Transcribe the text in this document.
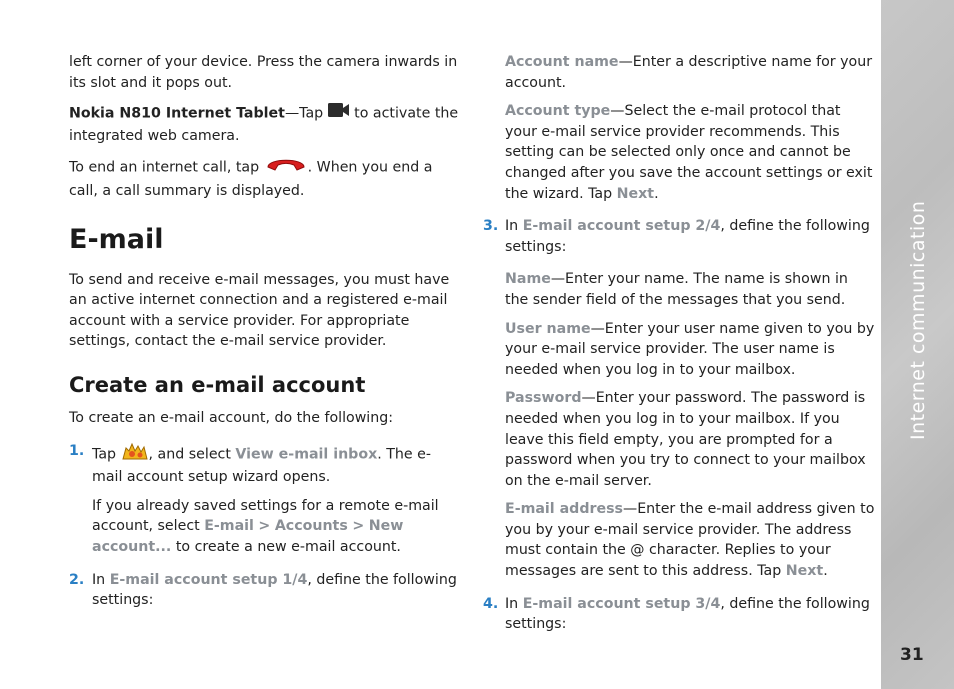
left corner of your device. Press the camera inwards in its slot and it pops out.

Nokia N810 Internet Tablet—Tap to activate the integrated web camera.

To end an internet call, tap	. When you end a call, a call summary is displayed.

E-mail

To send and receive e-mail messages, you must have an active internet connection and a registered e-mail account with a service provider. For appropriate settings, contact the e-mail service provider.

Create an e-mail account

To create an e-mail account, do the following:

1. Tap , and select View e-mail inbox. The e-mail account setup wizard opens.
If you already saved settings for a remote e-mail account, select E-mail > Accounts > New account... to create a new e-mail account.
2. In E-mail account setup 1/4, define the following settings:

Account name—Enter a descriptive name for your account.

Account type—Select the e-mail protocol that your e-mail service provider recommends. This setting can be selected only once and cannot be changed after you save the account settings or exit the wizard. Tap Next.

3. In E-mail account setup 2/4, define the following settings:

Name—Enter your name. The name is shown in the sender field of the messages that you send.

User name—Enter your user name given to you by your e-mail service provider. The user name is needed when you log in to your mailbox.

Password—Enter your password. The password is needed when you log in to your mailbox. If you leave this field empty, you are prompted for a password when you try to connect to your mailbox on the e-mail server.

E-mail address—Enter the e-mail address given to you by your e-mail service provider. The address must contain the @ character. Replies to your messages are sent to this address. Tap Next.

4. In E-mail account setup 3/4, define the following settings:
Internet communication
31
